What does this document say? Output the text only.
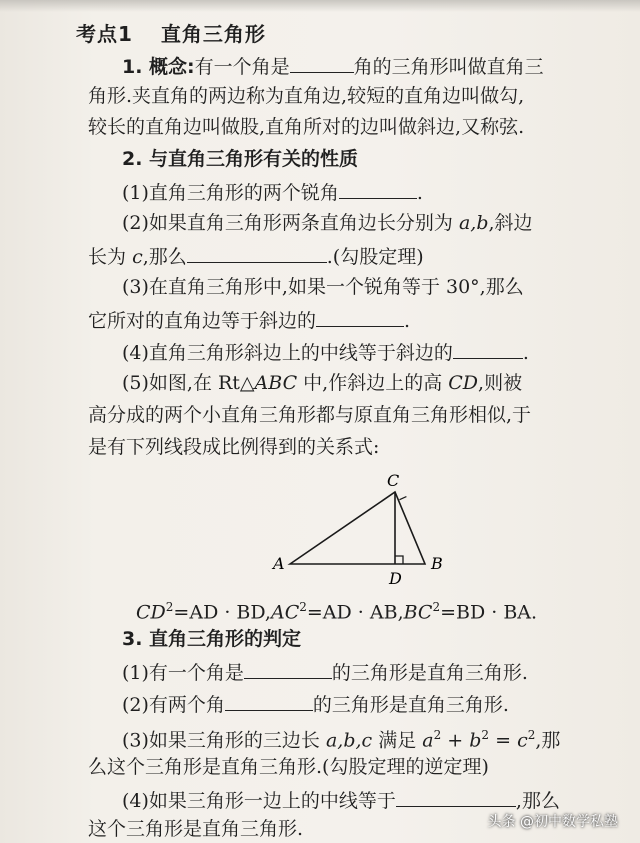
考点1 直角三角形
1. 概念:有一个角是	角的三角形叫做直角三
角形.夹直角的两边称为直角边,较短的直角边叫做勾,
较长的直角边叫做股,直角所对的边叫做斜边,又称弦.
2. 与直角三角形有关的性质
(1)直角三角形的两个锐角	.
(2)如果直角三角形两条直角边长分别为 a,b,斜边
长为 c,那么	.(勾股定理)
(3)在直角三角形中,如果一个锐角等于 30°,那么
它所对的直角边等于斜边的	.
(4)直角三角形斜边上的中线等于斜边的	.
(5)如图,在 Rt△ABC 中,作斜边上的高 CD,则被
高分成的两个小直角三角形都与原直角三角形相似,于
是有下列线段成比例得到的关系式:
C
A	B
D
$CD^2=AD \cdot BD,AC^2=AD \cdot AB,BC^2=BD$ · BA.
3. 直角三角形的判定
(1)有一个角是	的三角形是直角三角形.
(2)有两个角	的三角形是直角三角形.
(3)如果三角形的三边长 a,b,c 满足 $a^2 + b^2 = c^2$,那
么这个三角形是直角三角形.(勾股定理的逆定理)
(4)如果三角形一边上的中线等于	,那么
这个三角形是直角三角形.	头条 @初中数学私塾
